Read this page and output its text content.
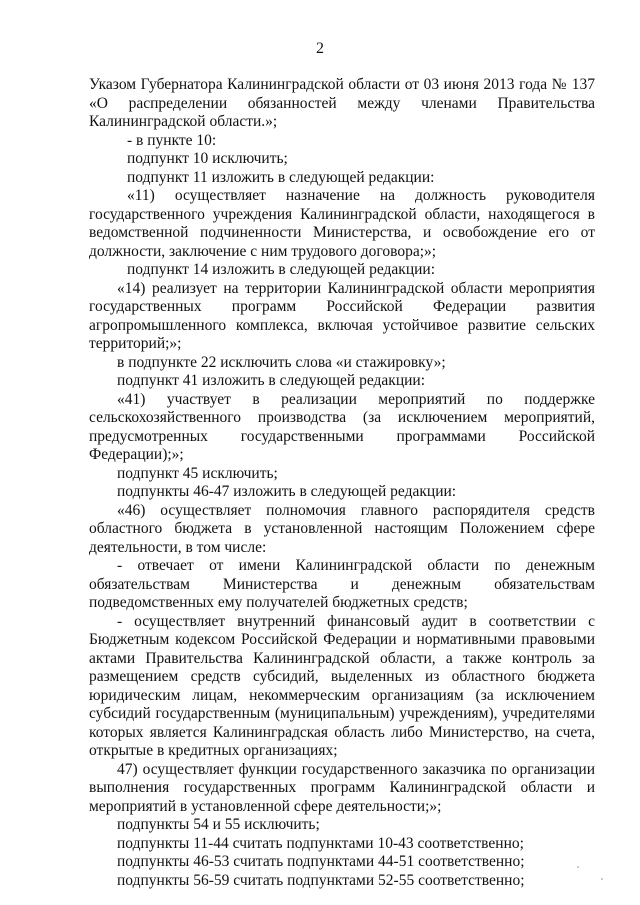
2

Указом Губернатора Калининградской области от 03 июня 2013 года № 137 «О распределении обязанностей между членами Правительства Калининградской области.»;

- в пункте 10:

подпункт 10 исключить;

подпункт 11 изложить в следующей редакции:

«11) осуществляет назначение на должность руководителя государственного учреждения Калининградской области, находящегося в ведомственной подчиненности Министерства, и освобождение его от должности, заключение с ним трудового договора;»;

подпункт 14 изложить в следующей редакции:

«14) реализует на территории Калининградской области мероприятия государственных программ Российской Федерации развития агропромышленного комплекса, включая устойчивое развитие сельских территорий;»;

в подпункте 22 исключить слова «и стажировку»;

подпункт 41 изложить в следующей редакции:

«41) участвует в реализации мероприятий по поддержке сельскохозяйственного производства (за исключением мероприятий, предусмотренных государственными программами Российской Федерации);»;

подпункт 45 исключить;

подпункты 46-47 изложить в следующей редакции:

«46) осуществляет полномочия главного распорядителя средств областного бюджета в установленной настоящим Положением сфере деятельности, в том числе:

- отвечает от имени Калининградской области по денежным обязательствам Министерства и денежным обязательствам подведомственных ему получателей бюджетных средств;

- осуществляет внутренний финансовый аудит в соответствии с Бюджетным кодексом Российской Федерации и нормативными правовыми актами Правительства Калининградской области, а также контроль за размещением средств субсидий, выделенных из областного бюджета юридическим лицам, некоммерческим организациям (за исключением субсидий государственным (муниципальным) учреждениям), учредителями которых является Калининградская область либо Министерство, на счета, открытые в кредитных организациях;

47) осуществляет функции государственного заказчика по организации выполнения государственных программ Калининградской области и мероприятий в установленной сфере деятельности;»;

подпункты 54 и 55 исключить;

подпункты 11-44 считать подпунктами 10-43 соответственно;

подпункты 46-53 считать подпунктами 44-51 соответственно;

подпункты 56-59 считать подпунктами 52-55 соответственно;
